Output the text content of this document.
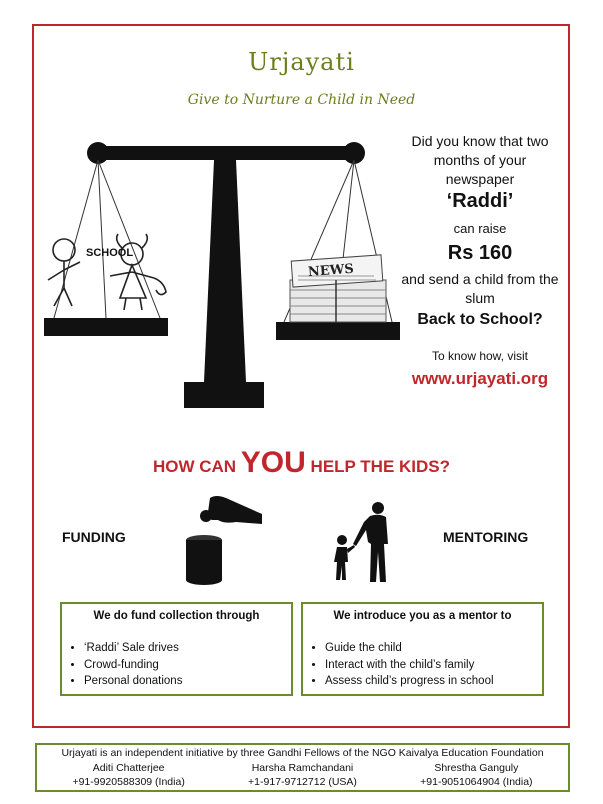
Urjayati
Give to Nurture a Child in Need
SCHOOL
NEWS
Did you know that two months of your newspaper
‘Raddi’
can raise
Rs 160
and send a child from the slum
Back to School?
To know how, visit
www.urjayati.org
HOW CAN YOU HELP THE KIDS?
FUNDING	MENTORING
We do fund collection through
• ‘Raddi’ Sale drives
• Crowd-funding
• Personal donations
We introduce you as a mentor to
• Guide the child
• Interact with the child’s family
• Assess child’s progress in school
Urjayati is an independent initiative by three Gandhi Fellows of the NGO Kaivalya Education Foundation
Aditi Chatterjee	Harsha Ramchandani	Shrestha Ganguly
+91-9920588309 (India)	+1-917-9712712 (USA)	+91-9051064904 (India)
